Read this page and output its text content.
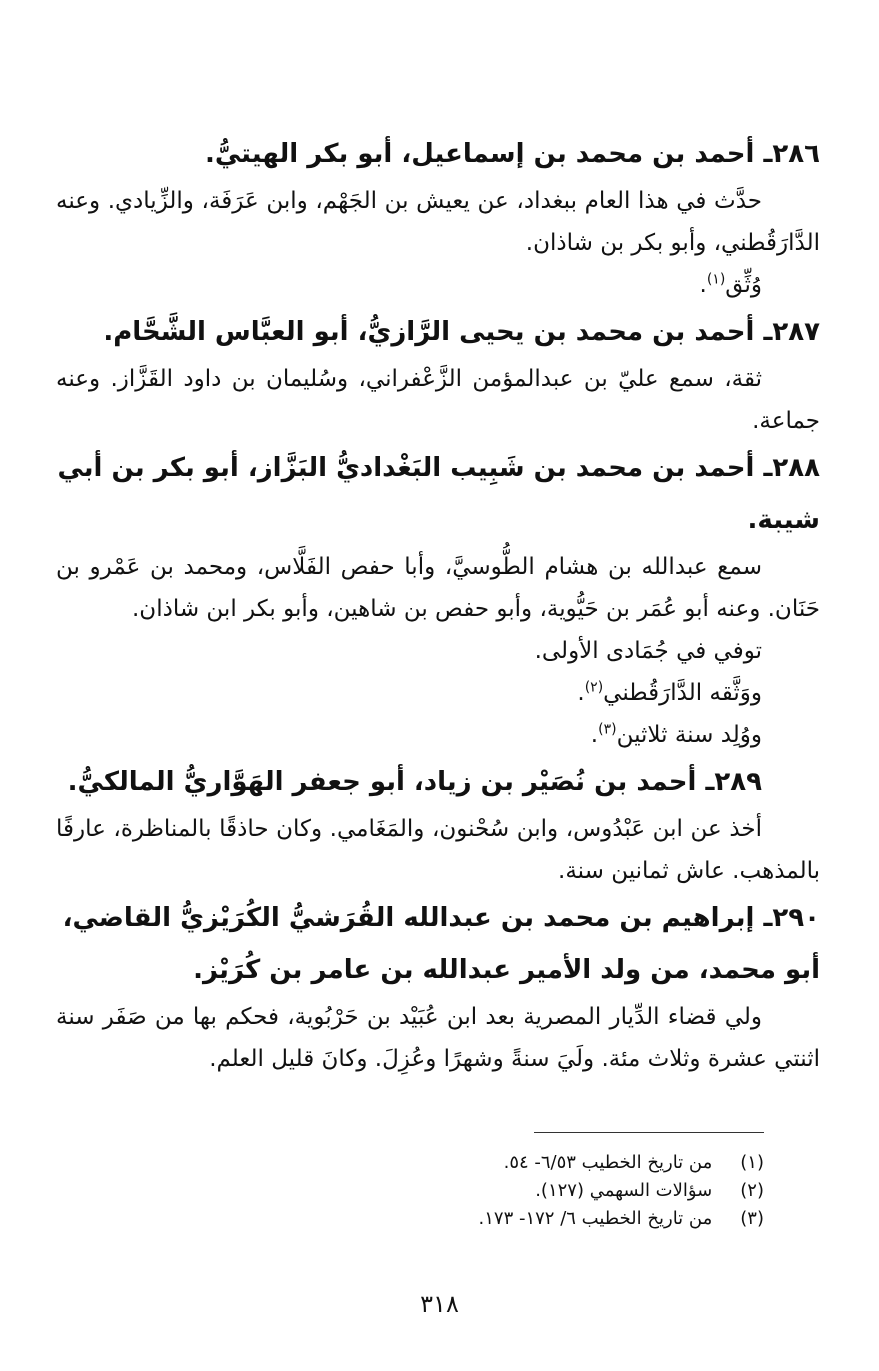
٢٨٦ـ أحمد بن محمد بن إسماعيل، أبو بكر الهيتيُّ.

حدَّث في هذا العام ببغداد، عن يعيش بن الجَهْم، وابن عَرَفَة، والزِّيادي. وعنه الدَّارَقُطني، وأبو بكر بن شاذان.

وُثِّق$^{(١)}$.

٢٨٧ـ أحمد بن محمد بن يحيى الرَّازيُّ، أبو العبَّاس الشَّحَّام.

ثقة، سمع عليّ بن عبدالمؤمن الزَّعْفراني، وسُليمان بن داود القَزَّاز. وعنه جماعة.

٢٨٨ـ أحمد بن محمد بن شَبِيب البَغْداديُّ البَزَّاز، أبو بكر بن أبي شيبة.

سمع عبدالله بن هشام الطُّوسيَّ، وأبا حفص الفَلَّاس، ومحمد بن عَمْرو بن حَنَان. وعنه أبو عُمَر بن حَيُّوية، وأبو حفص بن شاهين، وأبو بكر ابن شاذان.

توفي في جُمَادى الأولى.

ووَثَّقه الدَّارَقُطني$^{(٢)}$.

ووُلِد سنة ثلاثين$^{(٣)}$.

٢٨٩ـ أحمد بن نُصَيْر بن زياد، أبو جعفر الهَوَّاريُّ المالكيُّ.

أخذ عن ابن عَبْدُوس، وابن سُحْنون، والمَغَامي. وكان حاذقًا بالمناظرة، عارفًا بالمذهب. عاش ثمانين سنة.

٢٩٠ـ إبراهيم بن محمد بن عبدالله القُرَشيُّ الكُرَيْزيُّ القاضي، أبو محمد، من ولد الأمير عبدالله بن عامر بن كُرَيْز.

ولي قضاء الدِّيار المصرية بعد ابن عُبَيْد بن حَرْبُوية، فحكم بها من صَفَر سنة اثنتي عشرة وثلاث مئة. ولَيَ سنةً وشهرًا وعُزِلَ. وكانَ قليل العلم.

(١) من تاريخ الخطيب ٦/٥٣- ٥٤.

(٢) سؤالات السهمي (١٢٧).

(٣) من تاريخ الخطيب ٦/ ١٧٢- ١٧٣.

٣١٨
